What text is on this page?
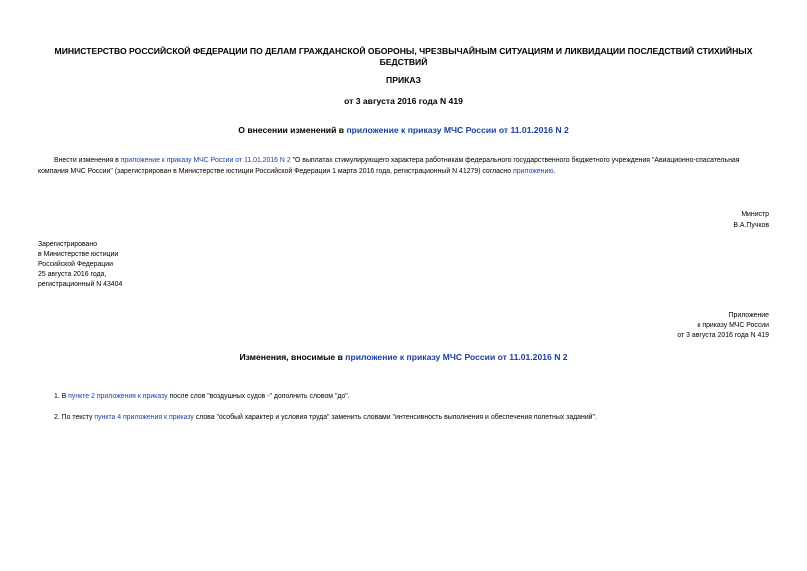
МИНИСТЕРСТВО РОССИЙСКОЙ ФЕДЕРАЦИИ ПО ДЕЛАМ ГРАЖДАНСКОЙ ОБОРОНЫ, ЧРЕЗВЫЧАЙНЫМ СИТУАЦИЯМ И ЛИКВИДАЦИИ ПОСЛЕДСТВИЙ СТИХИЙНЫХ БЕДСТВИЙ
ПРИКАЗ
от 3 августа 2016 года N 419
О внесении изменений в приложение к приказу МЧС России от 11.01.2016 N 2
Внести изменения в приложение к приказу МЧС России от 11.01.2016 N 2 "О выплатах стимулирующего характера работникам федерального государственного бюджетного учреждения "Авиационно-спасательная компания МЧС России" (зарегистрирован в Министерстве юстиции Российской Федерации 1 марта 2016 года, регистрационный N 41279) согласно приложению.
Министр
В.А.Пучков
Зарегистрировано
в Министерстве юстиции
Российской Федерации
25 августа 2016 года,
регистрационный N 43404
Приложение
к приказу МЧС России
от 3 августа 2016 года N 419
Изменения, вносимые в приложение к приказу МЧС России от 11.01.2016 N 2
1. В пункте 2 приложения к приказу после слов "воздушных судов -" дополнить словом "до".
2. По тексту пункта 4 приложения к приказу слова "особый характер и условия труда" заменить словами "интенсивность выполнения и обеспечения полетных заданий".
